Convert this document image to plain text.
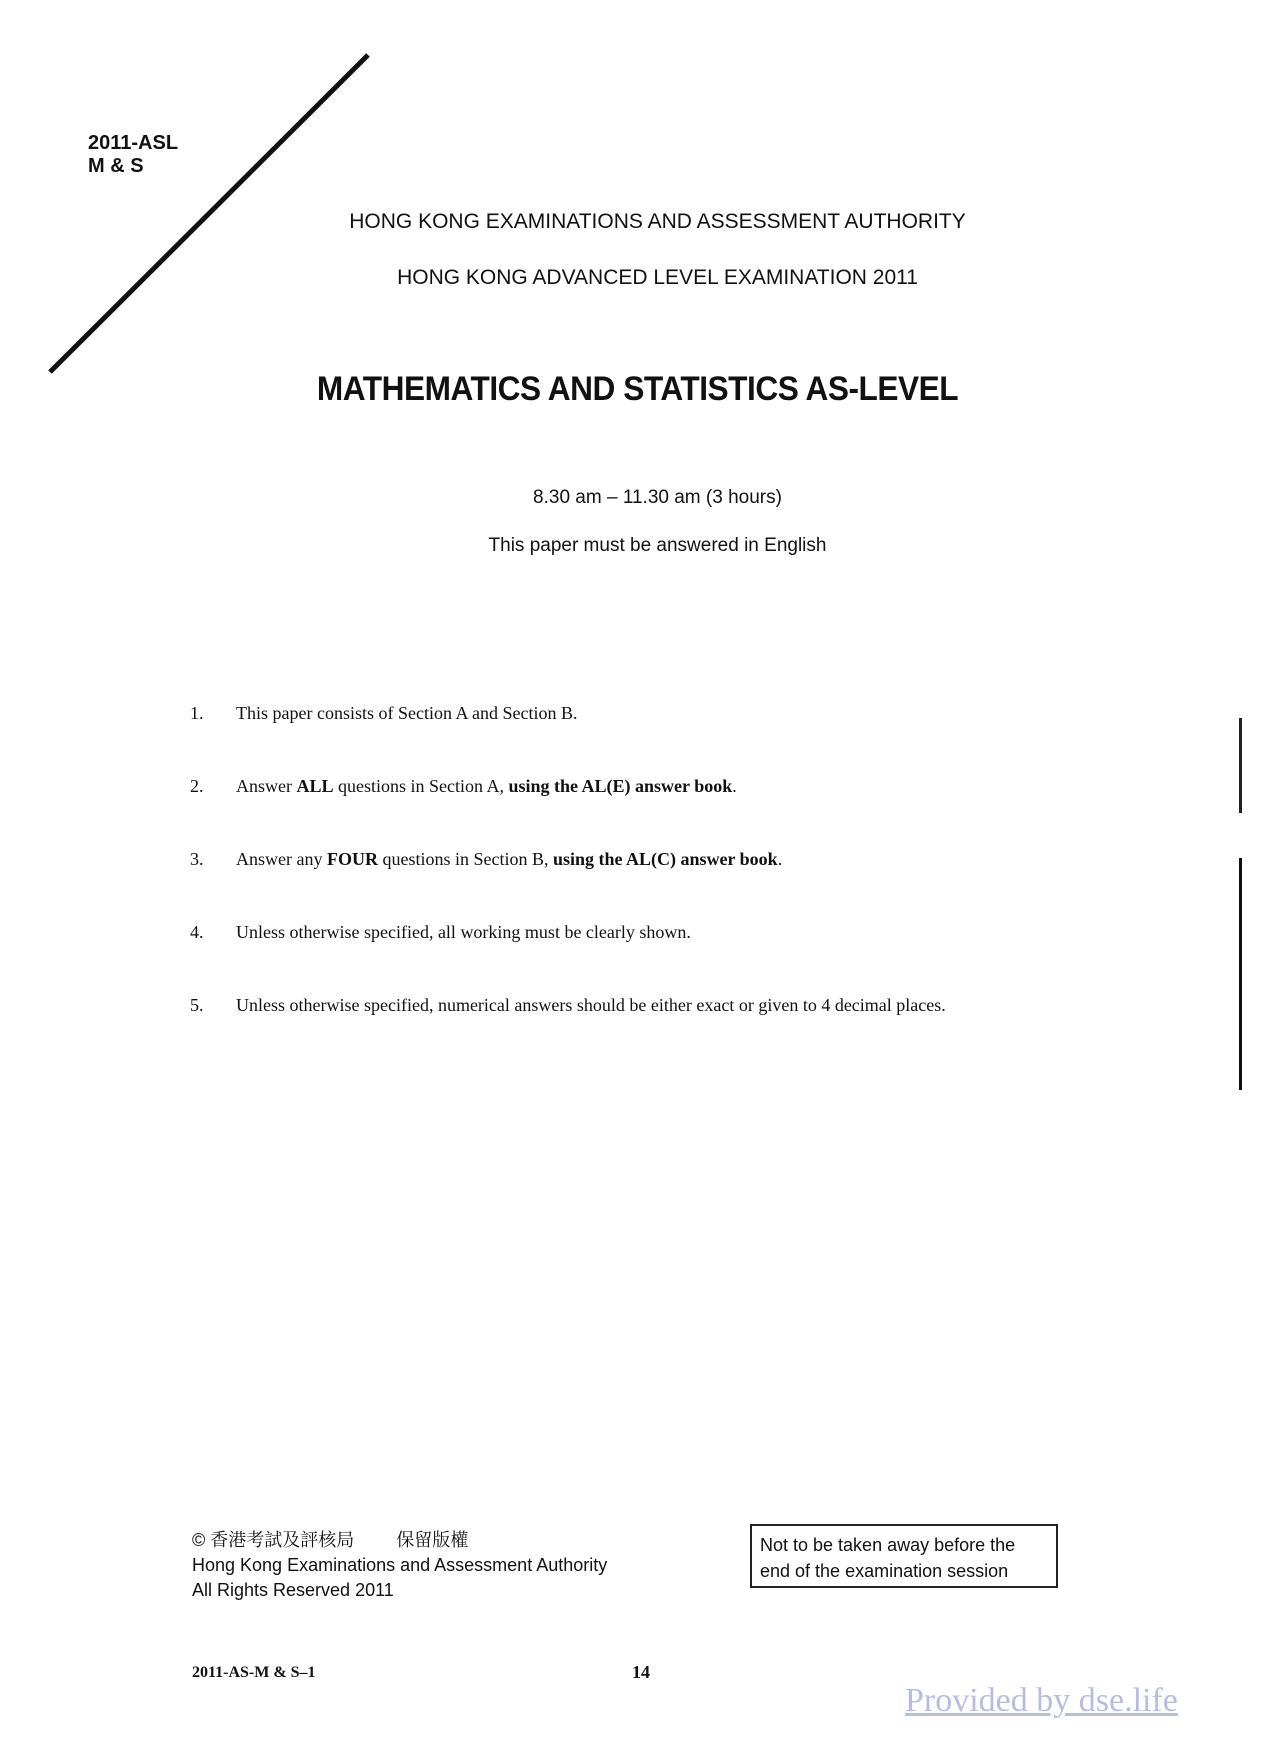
2011-ASL
M & S
HONG KONG EXAMINATIONS AND ASSESSMENT AUTHORITY
HONG KONG ADVANCED LEVEL EXAMINATION 2011
MATHEMATICS AND STATISTICS AS-LEVEL
8.30 am – 11.30 am (3 hours)
This paper must be answered in English
1. This paper consists of Section A and Section B.
2. Answer ALL questions in Section A, using the AL(E) answer book.
3. Answer any FOUR questions in Section B, using the AL(C) answer book.
4. Unless otherwise specified, all working must be clearly shown.
5. Unless otherwise specified, numerical answers should be either exact or given to 4 decimal places.
© 香港考試及評核局 保留版權
Hong Kong Examinations and Assessment Authority
All Rights Reserved 2011
Not to be taken away before the
end of the examination session
2011-AS-M & S–1	14
Provided by dse.life
